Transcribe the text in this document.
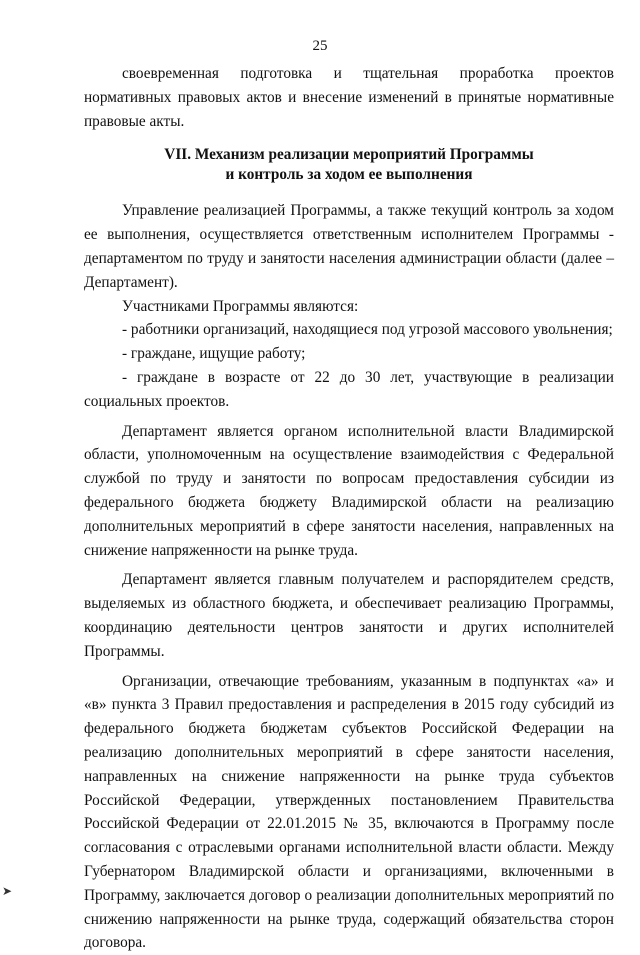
25

своевременная подготовка и тщательная проработка проектов нормативных правовых актов и внесение изменений в принятые нормативные правовые акты.

VII. Механизм реализации мероприятий Программы
и контроль за ходом ее выполнения

Управление реализацией Программы, а также текущий контроль за ходом ее выполнения, осуществляется ответственным исполнителем Программы - департаментом по труду и занятости населения администрации области (далее – Департамент).

Участниками Программы являются:

- работники организаций, находящиеся под угрозой массового увольнения;

- граждане, ищущие работу;

- граждане в возрасте от 22 до 30 лет, участвующие в реализации социальных проектов.

Департамент является органом исполнительной власти Владимирской области, уполномоченным на осуществление взаимодействия с Федеральной службой по труду и занятости по вопросам предоставления субсидии из федерального бюджета бюджету Владимирской области на реализацию дополнительных мероприятий в сфере занятости населения, направленных на снижение напряженности на рынке труда.

Департамент является главным получателем и распорядителем средств, выделяемых из областного бюджета, и обеспечивает реализацию Программы, координацию деятельности центров занятости и других исполнителей Программы.

Организации, отвечающие требованиям, указанным в подпунктах «а» и «в» пункта 3 Правил предоставления и распределения в 2015 году субсидий из федерального бюджета бюджетам субъектов Российской Федерации на реализацию дополнительных мероприятий в сфере занятости населения, направленных на снижение напряженности на рынке труда субъектов Российской Федерации, утвержденных постановлением Правительства Российской Федерации от 22.01.2015 № 35, включаются в Программу после согласования с отраслевыми органами исполнительной власти области. Между Губернатором Владимирской области и организациями, включенными в Программу, заключается договор о реализации дополнительных мероприятий по снижению напряженности на рынке труда, содержащий обязательства сторон договора.

➤
